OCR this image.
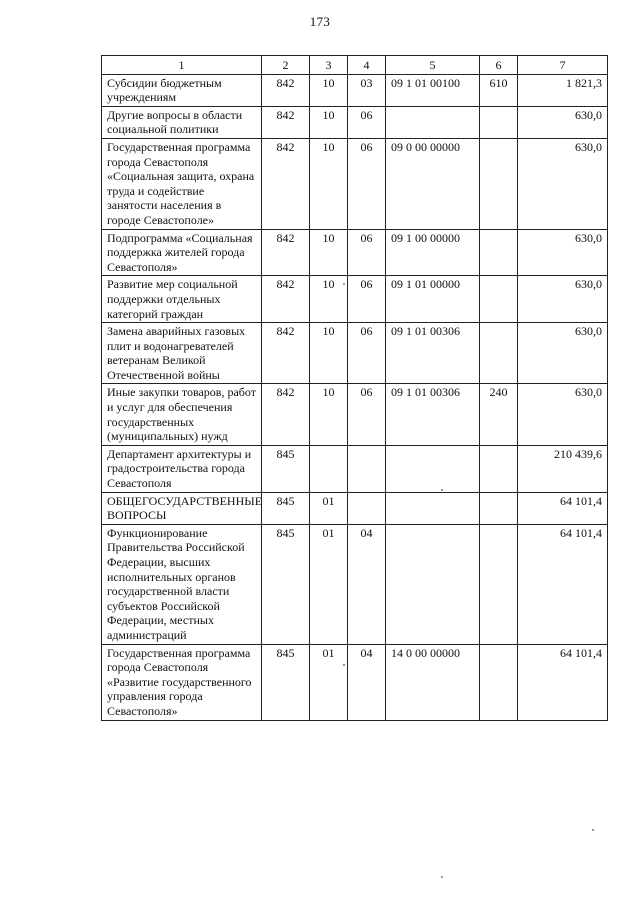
173
1	2	3	4	5	6	7
Субсидии бюджетным учреждениям	842	10	03	09 1 01 00100	610	1 821,3
Другие вопросы в области социальной политики	842	10	06			630,0
Государственная программа города Севастополя «Социальная защита, охрана труда и содействие занятости населения в городе Севастополе»	842	10	06	09 0 00 00000		630,0
Подпрограмма «Социальная поддержка жителей города Севастополя»	842	10	06	09 1 00 00000		630,0
Развитие мер социальной поддержки отдельных категорий граждан	842	10	06	09 1 01 00000		630,0
Замена аварийных газовых плит и водонагревателей ветеранам Великой Отечественной войны	842	10	06	09 1 01 00306		630,0
Иные закупки товаров, работ и услуг для обеспечения государственных (муниципальных) нужд	842	10	06	09 1 01 00306	240	630,0
Департамент архитектуры и градостроительства города Севастополя	845					210 439,6
ОБЩЕГОСУДАРСТВЕННЫЕ ВОПРОСЫ	845	01				64 101,4
Функционирование Правительства Российской Федерации, высших исполнительных органов государственной власти субъектов Российской Федерации, местных администраций	845	01	04			64 101,4
Государственная программа города Севастополя «Развитие государственного управления города Севастополя»	845	01	04	14 0 00 00000		64 101,4
